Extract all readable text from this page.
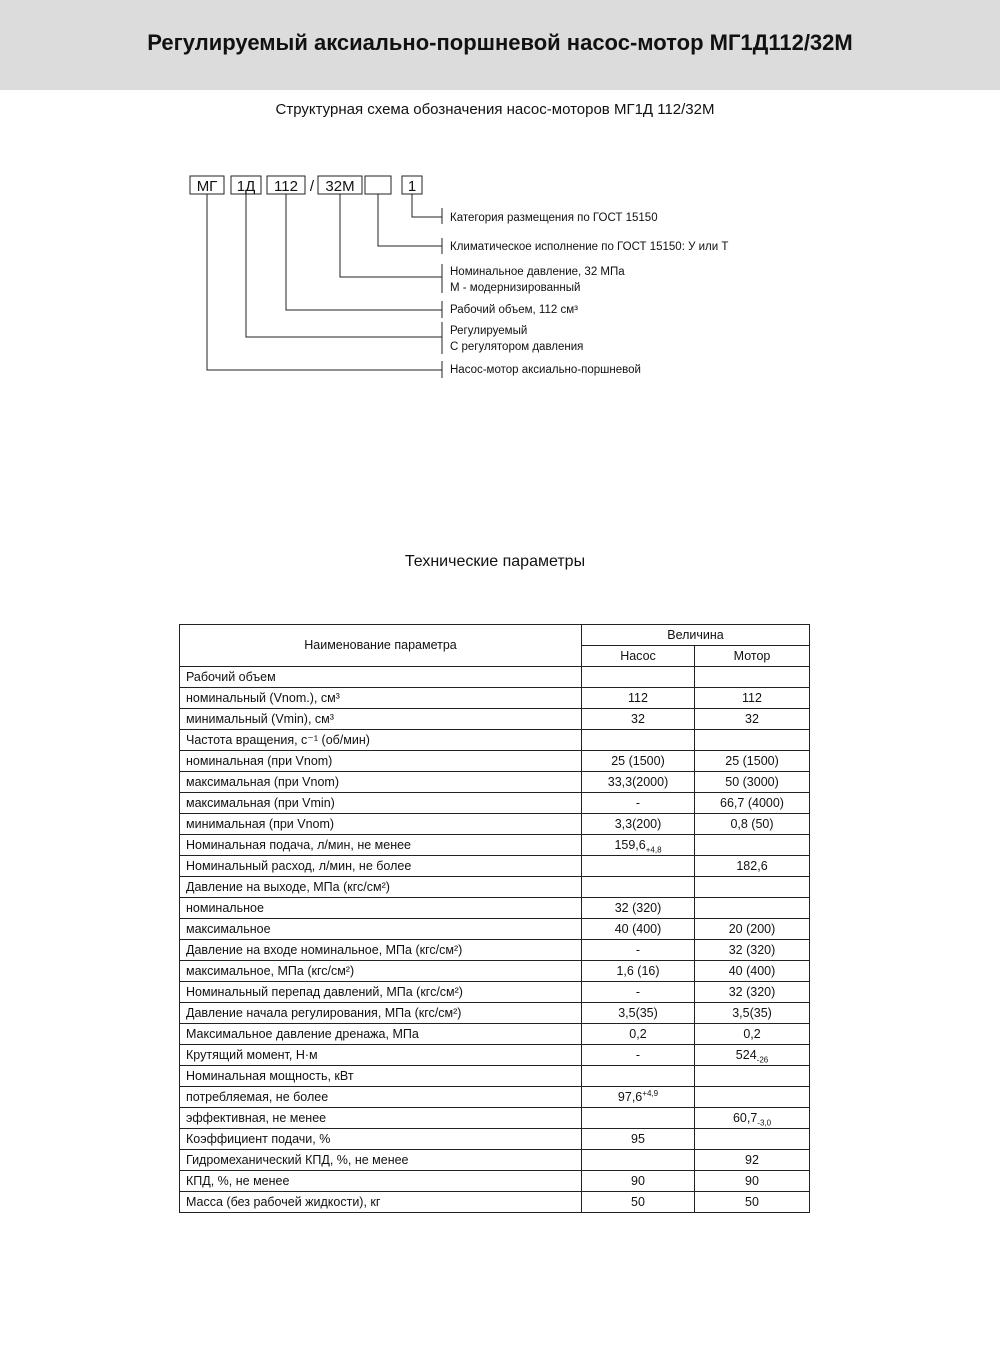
Регулируемый аксиально-поршневой насос-мотор МГ1Д112/32М
Структурная схема обозначения насос-моторов МГ1Д 112/32М
МГ 1Д 112 / 32М	1
Категория размещения по ГОСТ 15150
Климатическое исполнение по ГОСТ 15150: У или Т
Номинальное давление, 32 МПа
М - модернизированный
Рабочий объем, 112 см³
Регулируемый
С регулятором давления
Насос-мотор аксиально-поршневой
Технические параметры
Наименование параметра	Величина	
	Насос	Мотор
Рабочий объем		
номинальный (Vnom.), см³	112	112
минимальный (Vmin), см³	32	32
Частота вращения, с⁻¹ (об/мин)		
номинальная (при Vnom)	25 (1500)	25 (1500)
максимальная (при Vnom)	33,3(2000)	50 (3000)
максимальная (при Vmin)	-	66,7 (4000)
минимальная (при Vnom)	3,3(200)	0,8 (50)
Номинальная подача, л/мин, не менее	$159,6_{+4,8}$	
Номинальный расход, л/мин, не более		182,6
Давление на выходе, МПа (кгс/см²)		
номинальное	32 (320)	
максимальное	40 (400)	20 (200)
Давление на входе номинальное, МПа (кгс/см²)	-	32 (320)
максимальное, МПа (кгс/см²)	1,6 (16)	40 (400)
Номинальный перепад давлений, МПа (кгс/см²)	-	32 (320)
Давление начала регулирования, МПа (кгс/см²)	3,5(35)	3,5(35)
Максимальное давление дренажа, МПа	0,2	0,2
Крутящий момент, Н·м	-	$524_{-26}$
Номинальная мощность, кВт		
потребляемая, не более	$97,6^{+4,9}$	
эффективная, не менее		$60,7_{-3,0}$
Коэффициент подачи, %	95	
Гидромеханический КПД, %, не менее		92
КПД, %, не менее	90	90
Масса (без рабочей жидкости), кг	50	50
